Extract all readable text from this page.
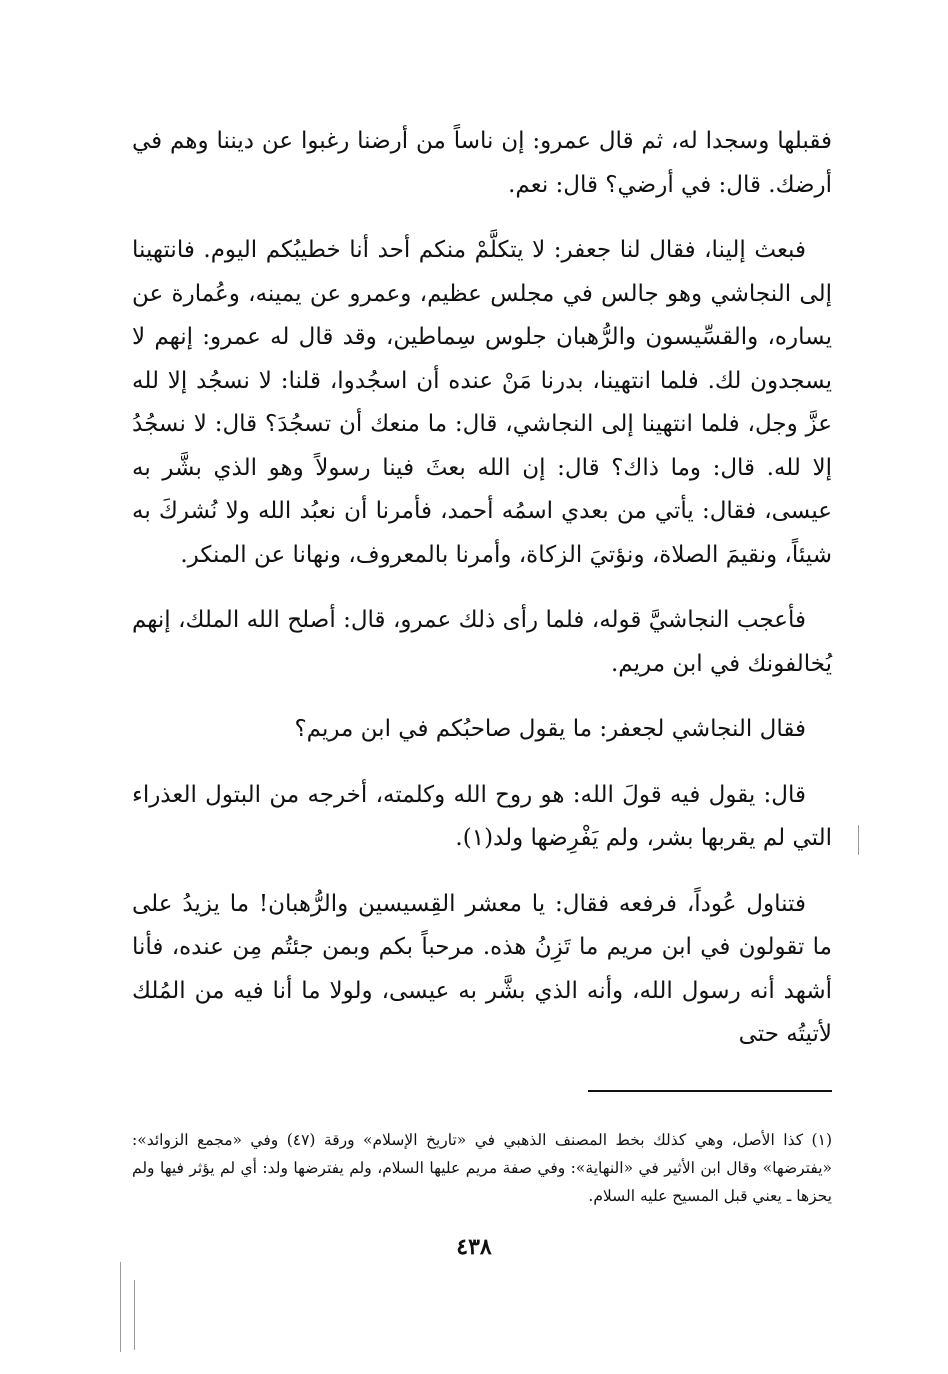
فقبلها وسجدا له، ثم قال عمرو: إن ناساً من أرضنا رغبوا عن ديننا وهم في أرضك. قال: في أرضي؟ قال: نعم.

فبعث إلينا، فقال لنا جعفر: لا يتكلَّمْ منكم أحد أنا خطيبُكم اليوم. فانتهينا إلى النجاشي وهو جالس في مجلس عظيم، وعمرو عن يمينه، وعُمارة عن يساره، والقسِّيسون والرُّهبان جلوس سِماطين، وقد قال له عمرو: إنهم لا يسجدون لك. فلما انتهينا، بدرنا مَنْ عنده أن اسجُدوا، قلنا: لا نسجُد إلا لله عزَّ وجل، فلما انتهينا إلى النجاشي، قال: ما منعك أن تسجُدَ؟ قال: لا نسجُدُ إلا لله. قال: وما ذاك؟ قال: إن الله بعثَ فينا رسولاً وهو الذي بشَّر به عيسى، فقال: يأتي من بعدي اسمُه أحمد، فأمرنا أن نعبُد الله ولا نُشركَ به شيئاً، ونقيمَ الصلاة، ونؤتيَ الزكاة، وأمرنا بالمعروف، ونهانا عن المنكر.

فأعجب النجاشيَّ قوله، فلما رأى ذلك عمرو، قال: أصلح الله الملك، إنهم يُخالفونك في ابن مريم.

فقال النجاشي لجعفر: ما يقول صاحبُكم في ابن مريم؟

قال: يقول فيه قولَ الله: هو روح الله وكلمته، أخرجه من البتول العذراء التي لم يقربها بشر، ولم يَفْرِضها ولد(١).

فتناول عُوداً، فرفعه فقال: يا معشر القِسيسين والرُّهبان! ما يزيدُ على ما تقولون في ابن مريم ما تَزِنُ هذه. مرحباً بكم وبمن جئتُم مِن عنده، فأنا أشهد أنه رسول الله، وأنه الذي بشَّر به عيسى، ولولا ما أنا فيه من المُلك لأتيتُه حتى

(١) كذا الأصل، وهي كذلك بخط المصنف الذهبي في «تاريخ الإسلام» ورقة (٤٧) وفي «مجمع الزوائد»: «يفترضها» وقال ابن الأثير في «النهاية»: وفي صفة مريم عليها السلام، ولم يفترضها ولد: أي لم يؤثر فيها ولم يحزها ـ يعني قبل المسيح عليه السلام.

٤٣٨
